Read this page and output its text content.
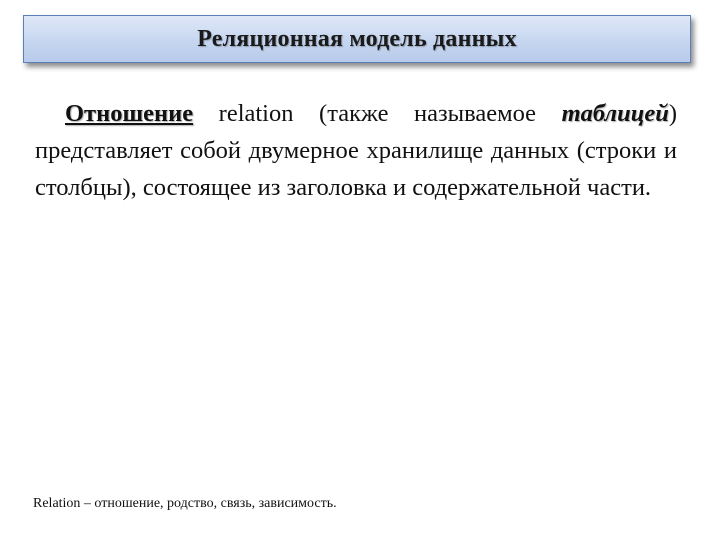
Реляционная модель данных

Отношение relation (также называемое таблицей) представляет собой двумерное хранилище данных (строки и столбцы), состоящее из заголовка и содержательной части.

Relation – отношение, родство, связь, зависимость.
